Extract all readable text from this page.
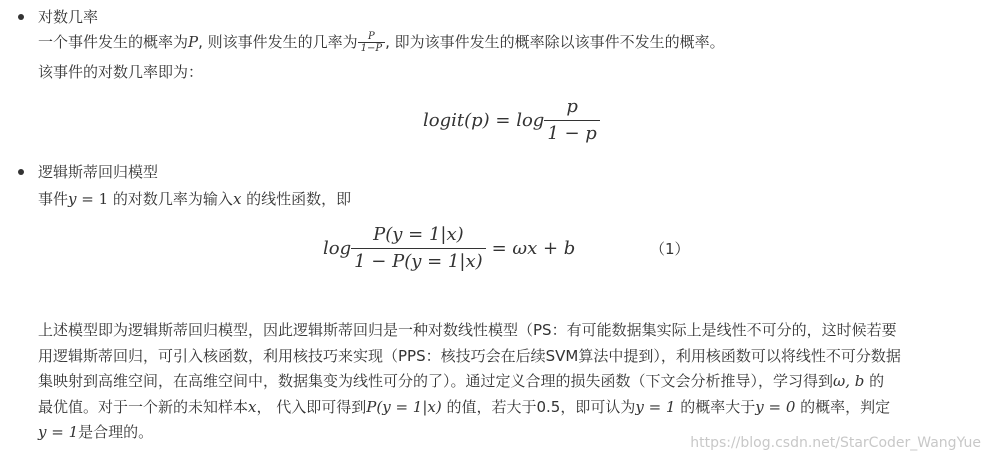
对数几率
一个事件发生的概率为P, 则该事件发生的几率为 $\frac{P}{1-P}$ , 即为该事件发生的概率除以该事件不发生的概率。
该事件的对数几率即为：
logit(p) = $\log \frac{p}{1 - p}$
逻辑斯蒂回归模型
事件y = 1 的对数几率为输入x 的线性函数，即
$\log \frac{P(y = 1|x)}{1 - P(y = 1|x)} = \omega x + b$	（1）
上述模型即为逻辑斯蒂回归模型，因此逻辑斯蒂回归是一种对数线性模型（PS：有可能数据集实际上是线性不可分的，这时候若要
用逻辑斯蒂回归，可引入核函数，利用核技巧来实现（PPS：核技巧会在后续SVM算法中提到），利用核函数可以将线性不可分数据
集映射到高维空间，在高维空间中，数据集变为线性可分的了）。通过定义合理的损失函数（下文会分析推导），学习得到ω, b 的
最优值。对于一个新的未知样本x， 代入即可得到P(y = 1|x) 的值，若大于0.5，即可认为y = 1 的概率大于y = 0 的概率，判定
y = 1是合理的。
https://blog.csdn.net/StarCoder_WangYue
